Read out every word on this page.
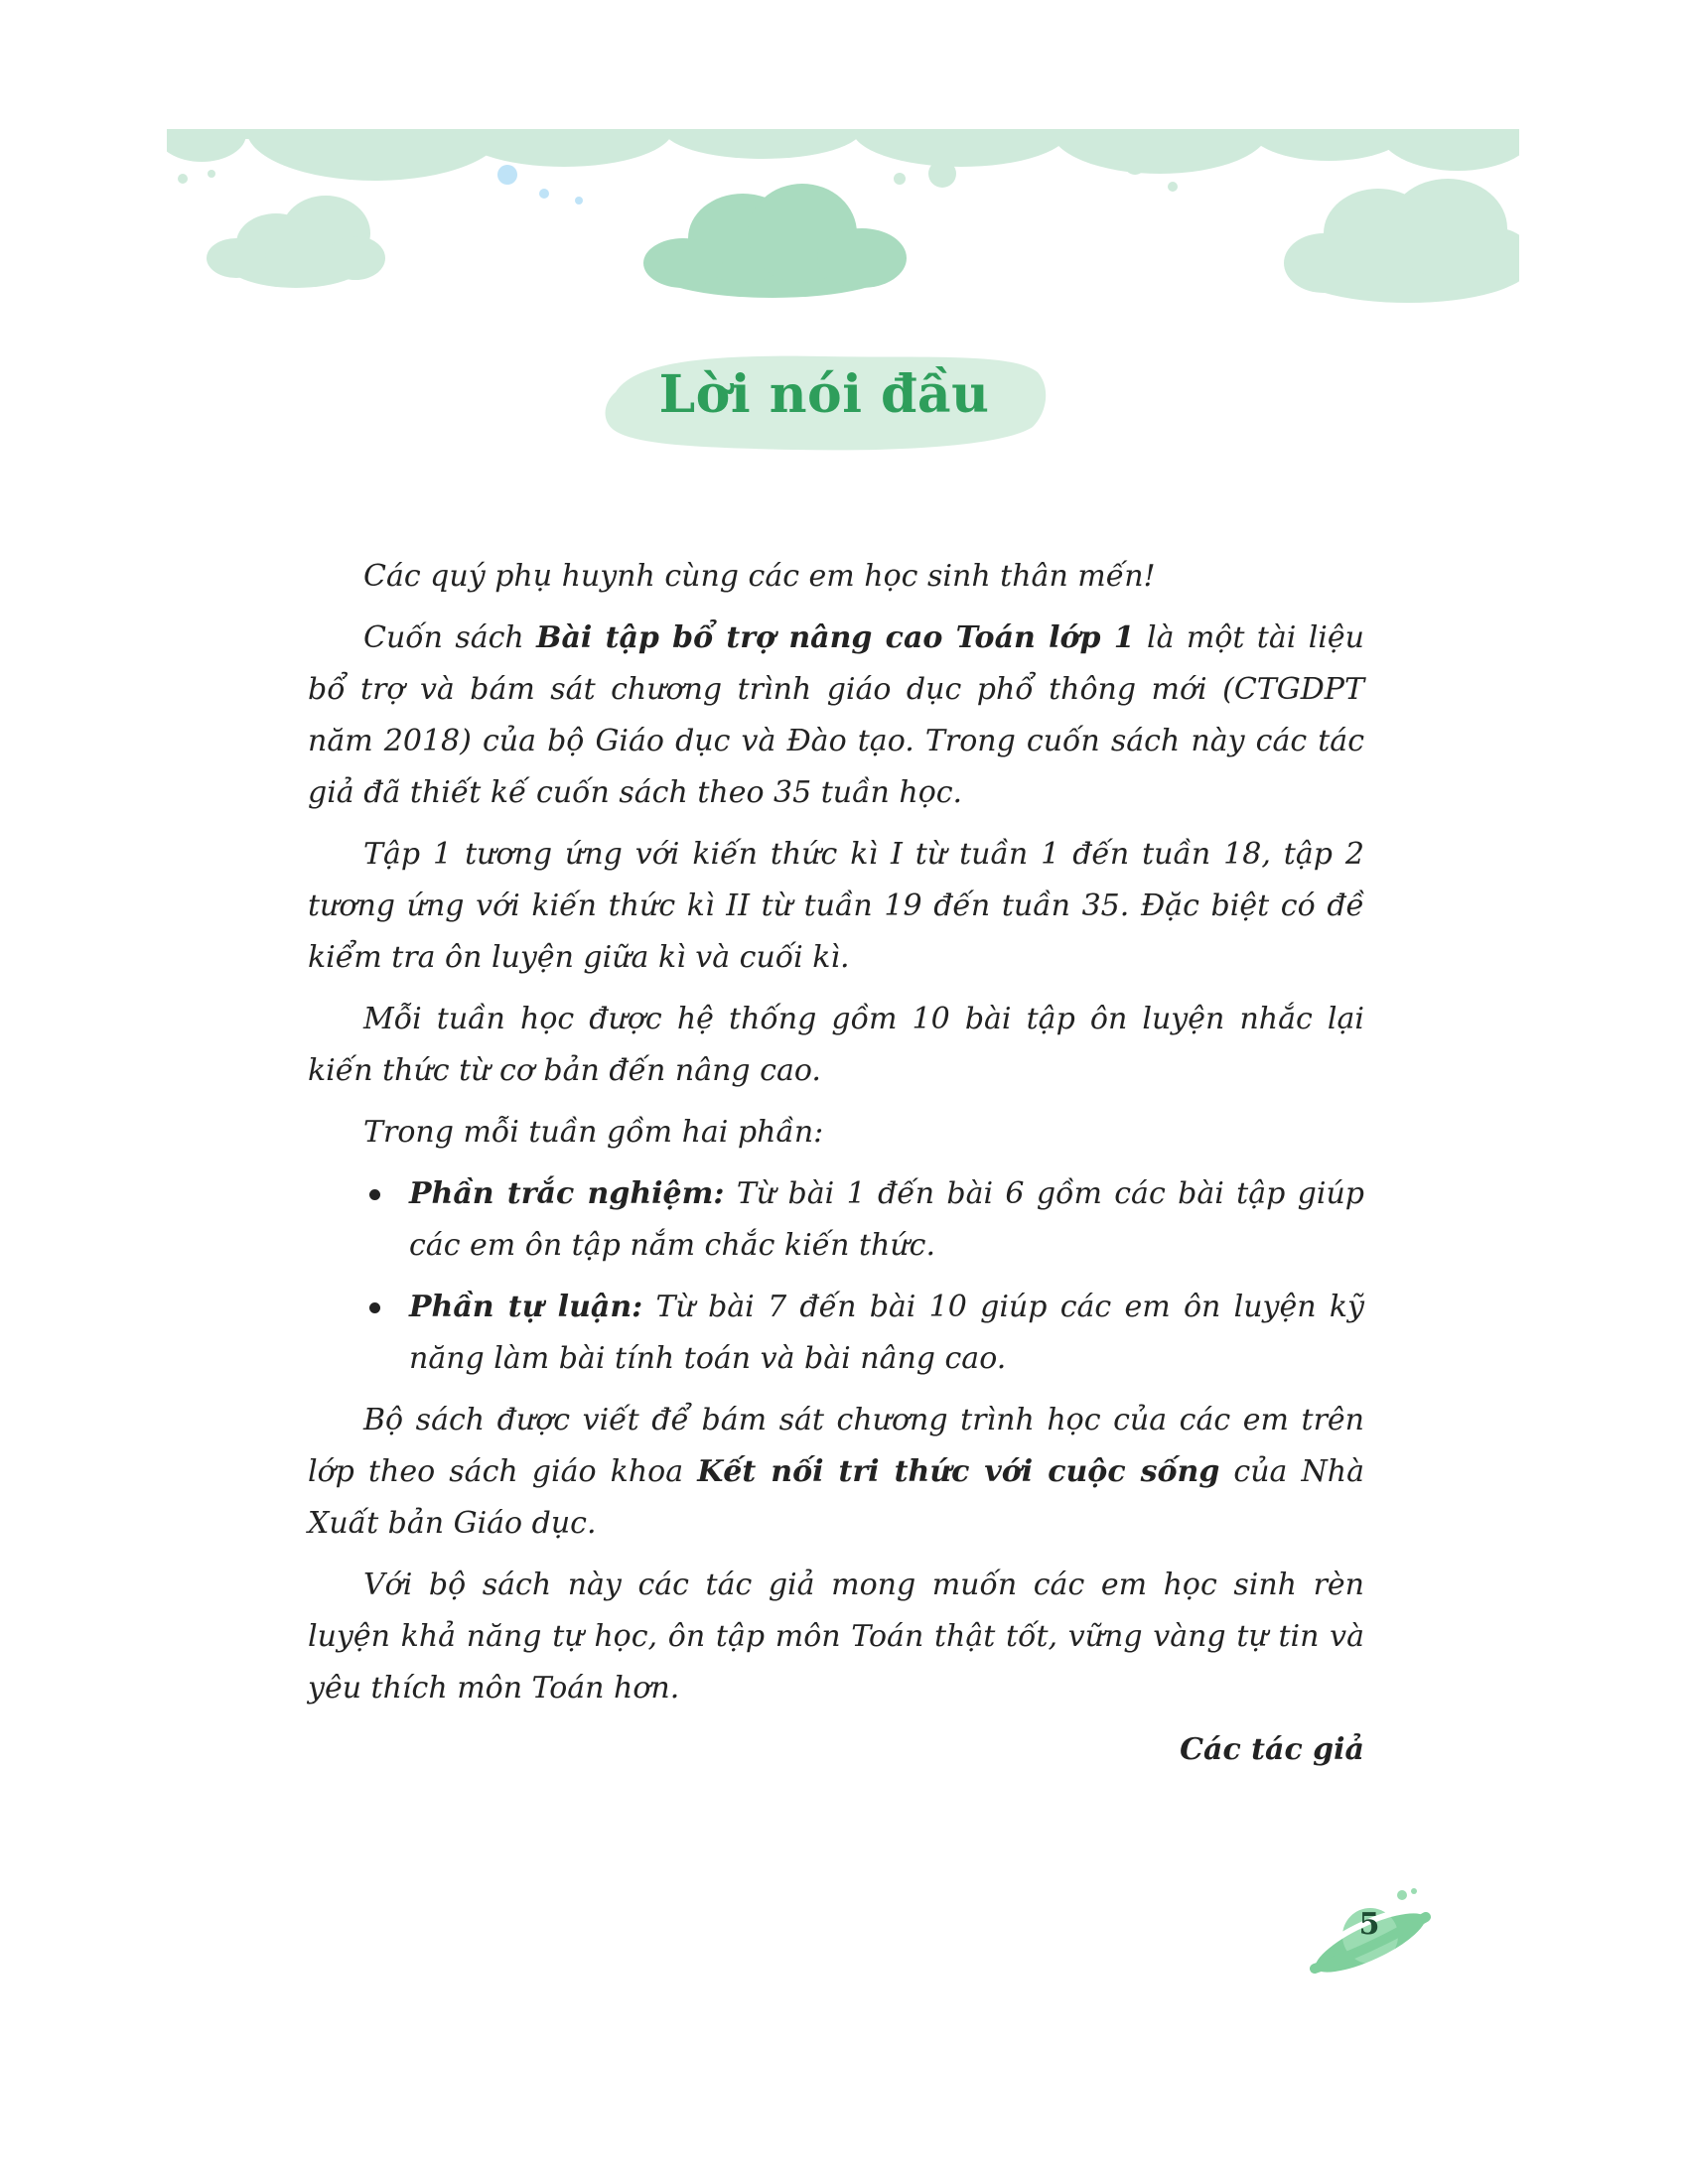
Lời nói đầu

Các quý phụ huynh cùng các em học sinh thân mến!

Cuốn sách Bài tập bổ trợ nâng cao Toán lớp 1 là một tài liệu bổ trợ và bám sát chương trình giáo dục phổ thông mới (CTGDPT năm 2018) của bộ Giáo dục và Đào tạo. Trong cuốn sách này các tác giả đã thiết kế cuốn sách theo 35 tuần học.

Tập 1 tương ứng với kiến thức kì I từ tuần 1 đến tuần 18, tập 2 tương ứng với kiến thức kì II từ tuần 19 đến tuần 35. Đặc biệt có đề kiểm tra ôn luyện giữa kì và cuối kì.

Mỗi tuần học được hệ thống gồm 10 bài tập ôn luyện nhắc lại kiến thức từ cơ bản đến nâng cao.

Trong mỗi tuần gồm hai phần:

Phần trắc nghiệm: Từ bài 1 đến bài 6 gồm các bài tập giúp các em ôn tập nắm chắc kiến thức.
Phần tự luận: Từ bài 7 đến bài 10 giúp các em ôn luyện kỹ năng làm bài tính toán và bài nâng cao.

Bộ sách được viết để bám sát chương trình học của các em trên lớp theo sách giáo khoa Kết nối tri thức với cuộc sống của Nhà Xuất bản Giáo dục.

Với bộ sách này các tác giả mong muốn các em học sinh rèn luyện khả năng tự học, ôn tập môn Toán thật tốt, vững vàng tự tin và yêu thích môn Toán hơn.

Các tác giả
5
